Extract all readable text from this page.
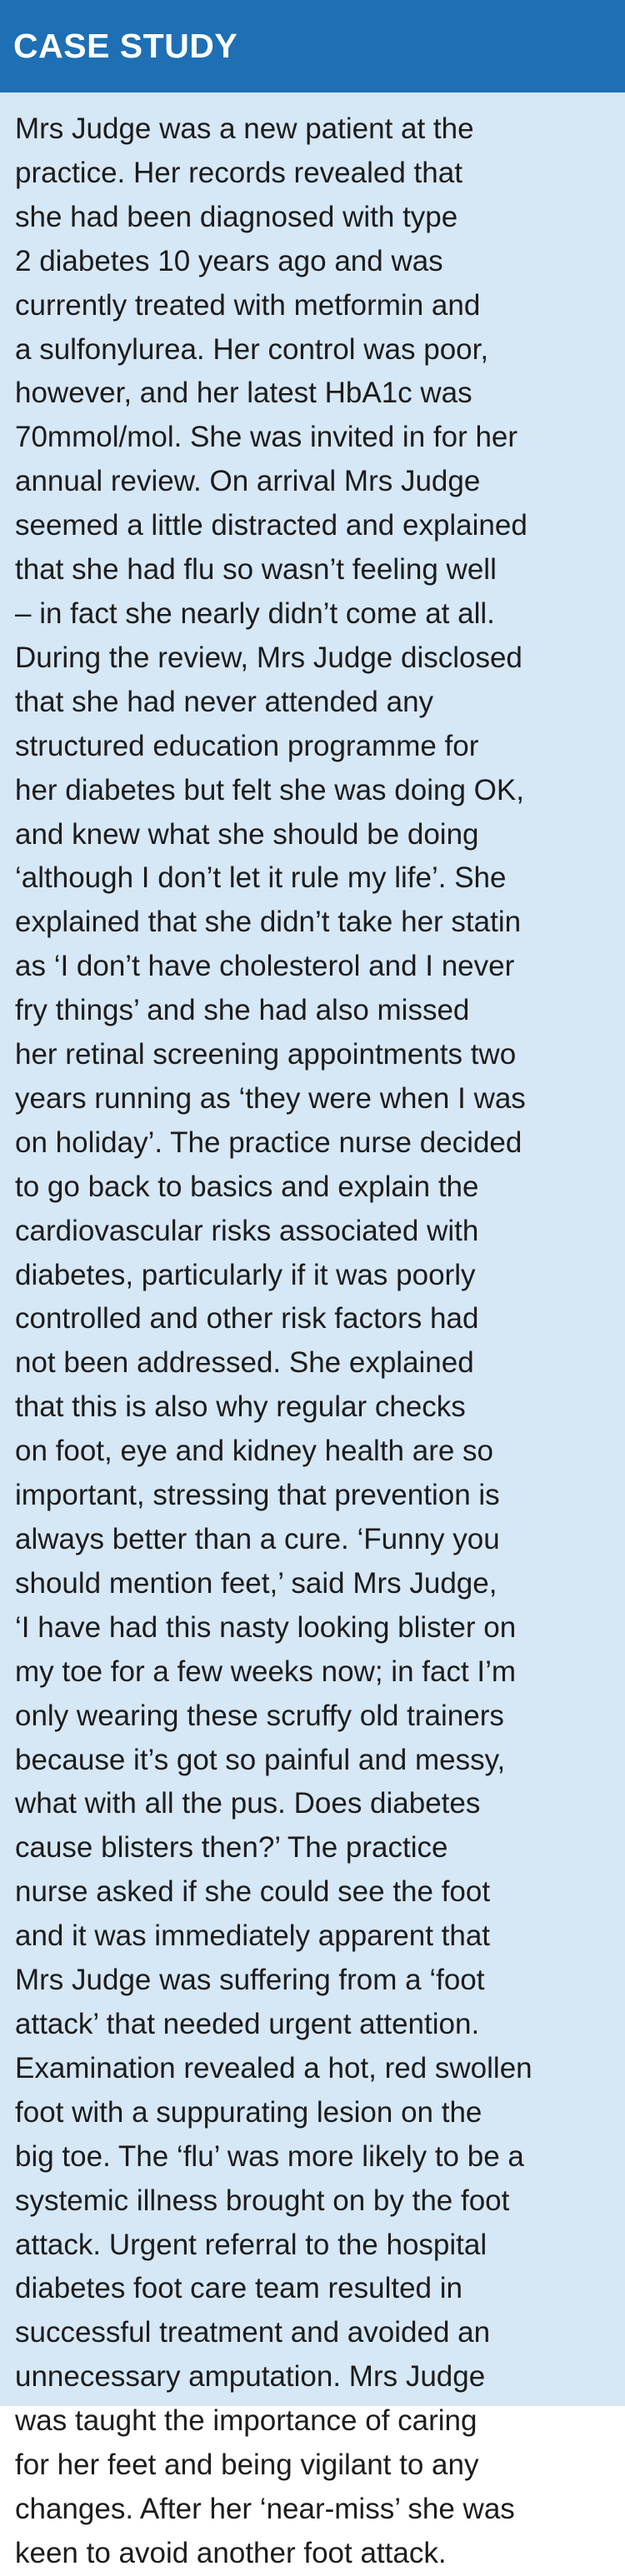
CASE STUDY

Mrs Judge was a new patient at the

practice. Her records revealed that

she had been diagnosed with type

2 diabetes 10 years ago and was

currently treated with metformin and

a sulfonylurea. Her control was poor,

however, and her latest HbA1c was

70mmol/mol. She was invited in for her

annual review. On arrival Mrs Judge

seemed a little distracted and explained

that she had flu so wasn’t feeling well

– in fact she nearly didn’t come at all.

During the review, Mrs Judge disclosed

that she had never attended any

structured education programme for

her diabetes but felt she was doing OK,

and knew what she should be doing

‘although I don’t let it rule my life’. She

explained that she didn’t take her statin

as ‘I don’t have cholesterol and I never

fry things’ and she had also missed

her retinal screening appointments two

years running as ‘they were when I was

on holiday’. The practice nurse decided

to go back to basics and explain the

cardiovascular risks associated with

diabetes, particularly if it was poorly

controlled and other risk factors had

not been addressed. She explained

that this is also why regular checks

on foot, eye and kidney health are so

important, stressing that prevention is

always better than a cure. ‘Funny you

should mention feet,’ said Mrs Judge,

‘I have had this nasty looking blister on

my toe for a few weeks now; in fact I’m

only wearing these scruffy old trainers

because it’s got so painful and messy,

what with all the pus. Does diabetes

cause blisters then?’ The practice

nurse asked if she could see the foot

and it was immediately apparent that

Mrs Judge was suffering from a ‘foot

attack’ that needed urgent attention.

Examination revealed a hot, red swollen

foot with a suppurating lesion on the

big toe. The ‘flu’ was more likely to be a

systemic illness brought on by the foot

attack. Urgent referral to the hospital

diabetes foot care team resulted in

successful treatment and avoided an

unnecessary amputation. Mrs Judge

was taught the importance of caring

for her feet and being vigilant to any

changes. After her ‘near-miss’ she was

keen to avoid another foot attack.
